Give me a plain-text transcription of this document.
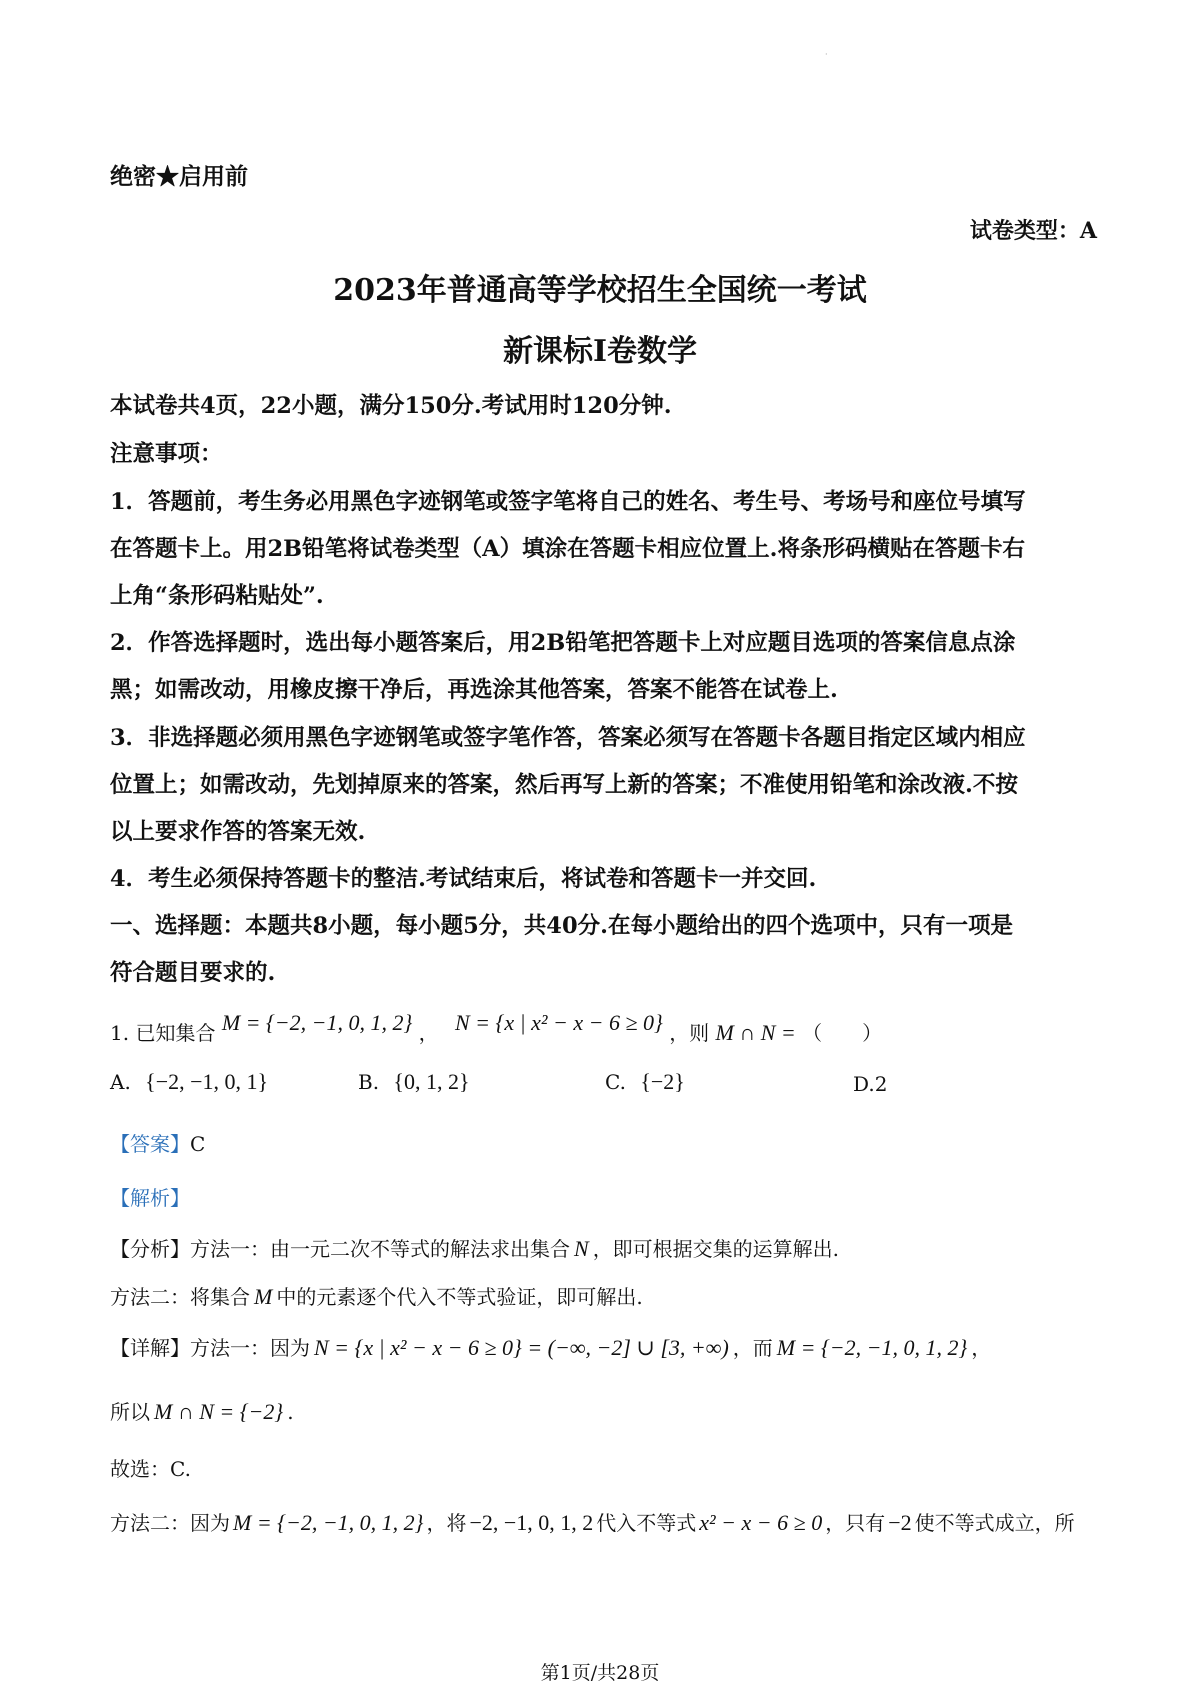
·
绝密★启用前
试卷类型：A
2023年普通高等学校招生全国统一考试
新课标Ⅰ卷数学
本试卷共4页，22小题，满分150分.考试用时120分钟.
注意事项：
1．答题前，考生务必用黑色字迹钢笔或签字笔将自己的姓名、考生号、考场号和座位号填写
在答题卡上。用2B铅笔将试卷类型（A）填涂在答题卡相应位置上.将条形码横贴在答题卡右
上角“条形码粘贴处”.
2．作答选择题时，选出每小题答案后，用2B铅笔把答题卡上对应题目选项的答案信息点涂
黑；如需改动，用橡皮擦干净后，再选涂其他答案，答案不能答在试卷上.
3．非选择题必须用黑色字迹钢笔或签字笔作答，答案必须写在答题卡各题目指定区域内相应
位置上；如需改动，先划掉原来的答案，然后再写上新的答案；不准使用铅笔和涂改液.不按
以上要求作答的答案无效.
4．考生必须保持答题卡的整洁.考试结束后，将试卷和答题卡一并交回.
一、选择题：本题共8小题，每小题5分，共40分.在每小题给出的四个选项中，只有一项是
符合题目要求的.
1. 已知集合 M = {−2, −1, 0, 1, 2} ， N = {x | x² − x − 6 ≥ 0} ，则 M ∩ N = （　　）
A. {−2, −1, 0, 1}	B. {0, 1, 2}	C. {−2}	D.2
【答案】C
【解析】
【分析】方法一：由一元二次不等式的解法求出集合 N ，即可根据交集的运算解出.
方法二：将集合 M 中的元素逐个代入不等式验证，即可解出.
【详解】方法一：因为 N = {x | x² − x − 6 ≥ 0} = (−∞, −2] ∪ [3, +∞) ，而 M = {−2, −1, 0, 1, 2} ，
所以 M ∩ N = {−2} .
故选：C.
方法二：因为 M = {−2, −1, 0, 1, 2} ，将 −2, −1, 0, 1, 2 代入不等式 x² − x − 6 ≥ 0 ，只有 −2 使不等式成立，所
第1页/共28页
